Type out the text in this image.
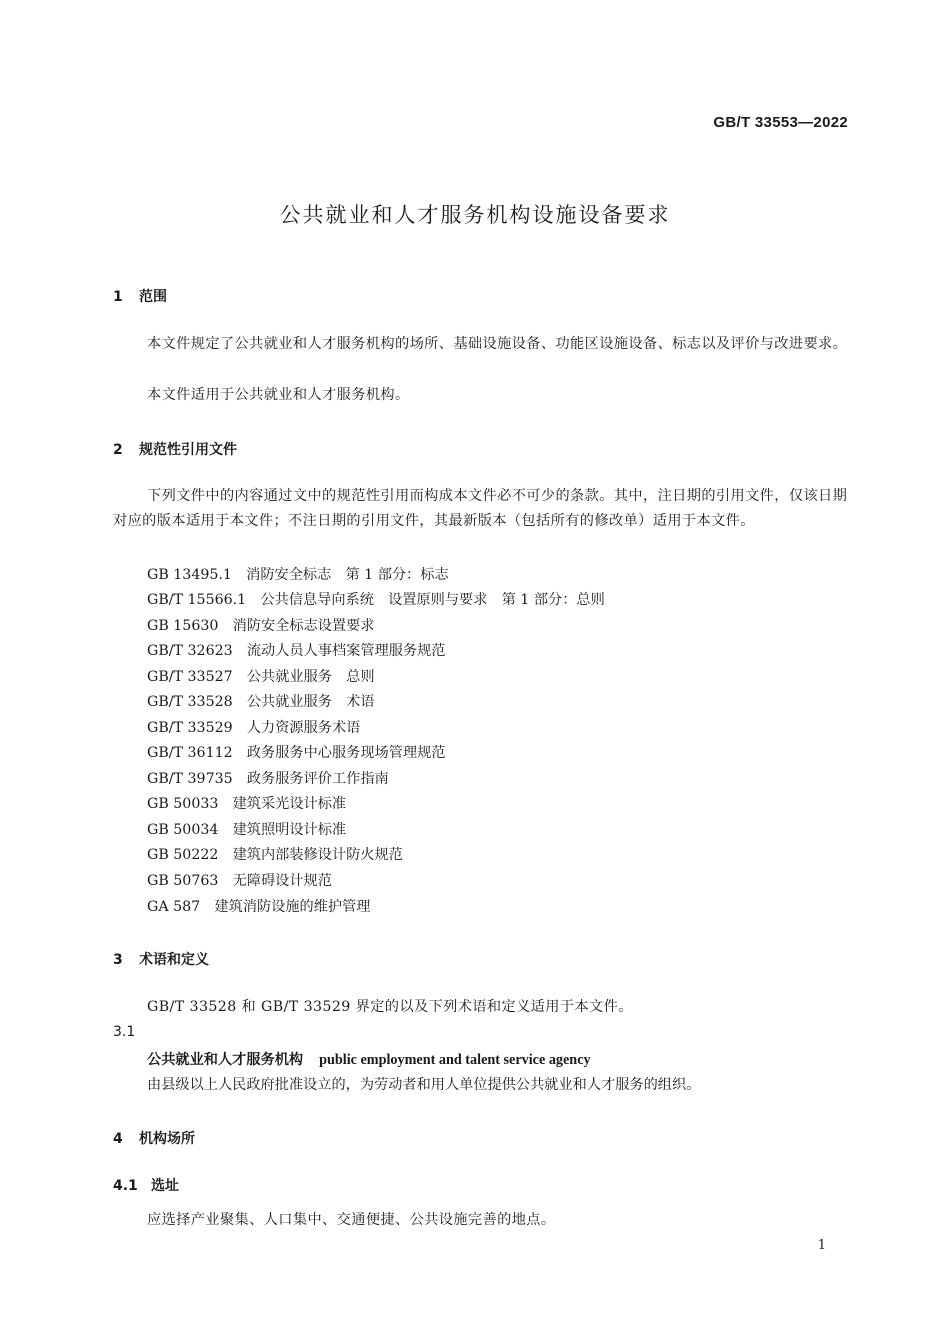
GB/T 33553—2022
公共就业和人才服务机构设施设备要求
1 范围
本文件规定了公共就业和人才服务机构的场所、基础设施设备、功能区设施设备、标志以及评价与改进要求。
本文件适用于公共就业和人才服务机构。
2 规范性引用文件
下列文件中的内容通过文中的规范性引用而构成本文件必不可少的条款。其中，注日期的引用文件，仅该日期对应的版本适用于本文件；不注日期的引用文件，其最新版本（包括所有的修改单）适用于本文件。
GB 13495.1　 消防安全标志　第 1 部分：标志
GB/T 15566.1　 公共信息导向系统　设置原则与要求　第 1 部分：总则
GB 15630　 消防安全标志设置要求
GB/T 32623　 流动人员人事档案管理服务规范
GB/T 33527　 公共就业服务　总则
GB/T 33528　 公共就业服务　术语
GB/T 33529　 人力资源服务术语
GB/T 36112　 政务服务中心服务现场管理规范
GB/T 39735　 政务服务评价工作指南
GB 50033　 建筑采光设计标准
GB 50034　 建筑照明设计标准
GB 50222　 建筑内部装修设计防火规范
GB 50763　 无障碍设计规范
GA 587　 建筑消防设施的维护管理
3 术语和定义
GB/T 33528 和 GB/T 33529 界定的以及下列术语和定义适用于本文件。
3.1
公共就业和人才服务机构 public employment and talent service agency
由县级以上人民政府批准设立的，为劳动者和用人单位提供公共就业和人才服务的组织。
4 机构场所
4.1 选址
应选择产业聚集、人口集中、交通便捷、公共设施完善的地点。
1
